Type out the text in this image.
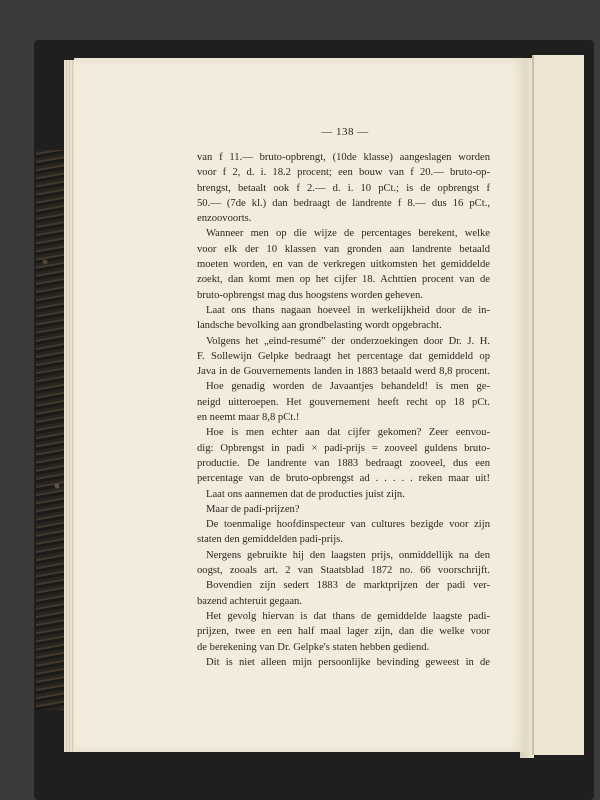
— 138 —
van f 11.— bruto-opbrengt, (10de klasse) aangeslagen worden
voor f 2, d. i. 18.2 procent; een bouw van f 20.— bruto-op-
brengst, betaalt ook f 2.— d. i. 10 pCt.; is de opbrengst f
50.— (7de kl.) dan bedraagt de landrente f 8.— dus 16 pCt.,
enzoovoorts.
Wanneer men op die wijze de percentages berekent, welke
voor elk der 10 klassen van gronden aan landrente betaald
moeten worden, en van de verkregen uitkomsten het gemiddelde
zoekt, dan komt men op het cijfer 18. Achttien procent van de
bruto-opbrengst mag dus hoogstens worden geheven.
Laat ons thans nagaan hoeveel in werkelijkheid door de in-
landsche bevolking aan grondbelasting wordt opgebracht.
Volgens het „eind-resumé” der onderzoekingen door Dr. J. H.
F. Sollewijn Gelpke bedraagt het percentage dat gemiddeld op
Java in de Gouvernements landen in 1883 betaald werd 8,8 procent.
Hoe genadig worden de Javaantjes behandeld! is men ge-
neigd uitteroepen. Het gouvernement heeft recht op 18 pCt.
en neemt maar 8,8 pCt.!
Hoe is men echter aan dat cijfer gekomen? Zeer eenvou-
dig: Opbrengst in padi × padi-prijs = zooveel guldens bruto-
productie. De landrente van 1883 bedraagt zooveel, dus een
percentage van de bruto-opbrengst ad . . . . . reken maar uit!
Laat ons aannemen dat de producties juist zijn.
Maar de padi-prijzen?
De toenmalige hoofdinspecteur van cultures bezigde voor zijn
staten den gemiddelden padi-prijs.
Nergens gebruikte hij den laagsten prijs, onmiddellijk na den
oogst, zooals art. 2 van Staatsblad 1872 no. 66 voorschrijft.
Bovendien zijn sedert 1883 de marktprijzen der padi ver-
bazend achteruit gegaan.
Het gevolg hiervan is dat thans de gemiddelde laagste padi-
prijzen, twee en een half maal lager zijn, dan die welke voor
de berekening van Dr. Gelpke's staten hebben gediend.
Dit is niet alleen mijn persoonlijke bevinding geweest in de
